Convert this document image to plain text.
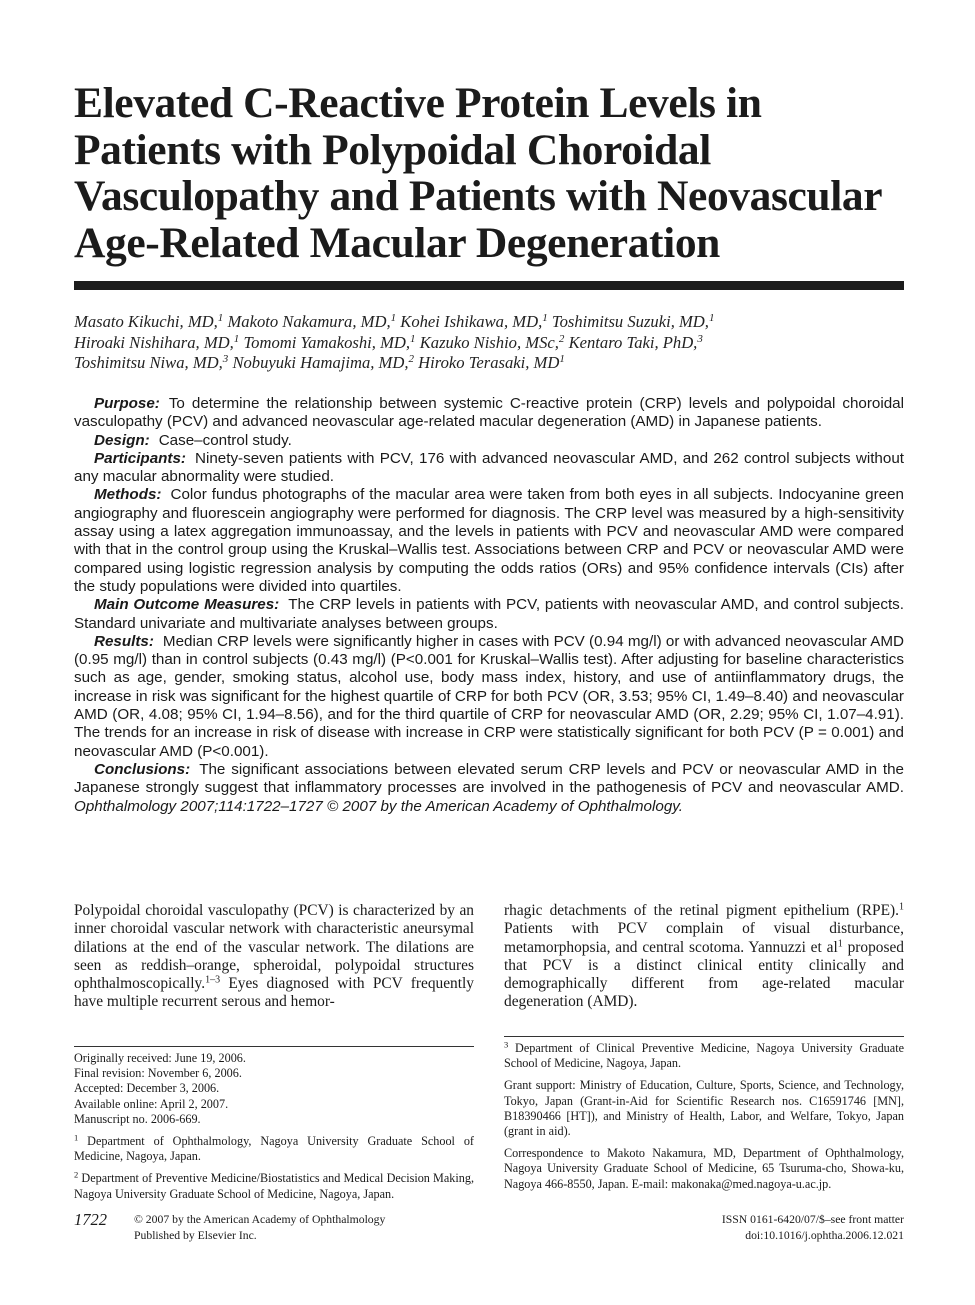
Elevated C-Reactive Protein Levels in Patients with Polypoidal Choroidal Vasculopathy and Patients with Neovascular Age-Related Macular Degeneration
Masato Kikuchi, MD,$^1$ Makoto Nakamura, MD,$^1$ Kohei Ishikawa, MD,$^1$ Toshimitsu Suzuki, MD,$^1$
Hiroaki Nishihara, MD,$^1$ Tomomi Yamakoshi, MD,$^1$ Kazuko Nishio, MSc,$^2$ Kentaro Taki, PhD,$^3$
Toshimitsu Niwa, MD,$^3$ Nobuyuki Hamajima, MD,$^2$ Hiroko Terasaki, $MD^1$

Purpose: To determine the relationship between systemic C-reactive protein (CRP) levels and polypoidal choroidal vasculopathy (PCV) and advanced neovascular age-related macular degeneration (AMD) in Japanese patients.

Design: Case–control study.

Participants: Ninety-seven patients with PCV, 176 with advanced neovascular AMD, and 262 control subjects without any macular abnormality were studied.

Methods: Color fundus photographs of the macular area were taken from both eyes in all subjects. Indocyanine green angiography and fluorescein angiography were performed for diagnosis. The CRP level was measured by a high-sensitivity assay using a latex aggregation immunoassay, and the levels in patients with PCV and neovascular AMD were compared with that in the control group using the Kruskal–Wallis test. Associations between CRP and PCV or neovascular AMD were compared using logistic regression analysis by computing the odds ratios (ORs) and 95% confidence intervals (CIs) after the study populations were divided into quartiles.

Main Outcome Measures: The CRP levels in patients with PCV, patients with neovascular AMD, and control subjects. Standard univariate and multivariate analyses between groups.

Results: Median CRP levels were significantly higher in cases with PCV (0.94 mg/l) or with advanced neovascular AMD (0.95 mg/l) than in control subjects (0.43 mg/l) (P<0.001 for Kruskal–Wallis test). After adjusting for baseline characteristics such as age, gender, smoking status, alcohol use, body mass index, history, and use of antiinflammatory drugs, the increase in risk was significant for the highest quartile of CRP for both PCV (OR, 3.53; 95% CI, 1.49–8.40) and neovascular AMD (OR, 4.08; 95% CI, 1.94–8.56), and for the third quartile of CRP for neovascular AMD (OR, 2.29; 95% CI, 1.07–4.91). The trends for an increase in risk of disease with increase in CRP were statistically significant for both PCV (P = 0.001) and neovascular AMD (P<0.001).

Conclusions: The significant associations between elevated serum CRP levels and PCV or neovascular AMD in the Japanese strongly suggest that inflammatory processes are involved in the pathogenesis of PCV and neovascular AMD. Ophthalmology 2007;114:1722–1727 © 2007 by the American Academy of Ophthalmology.

Polypoidal choroidal vasculopathy (PCV) is characterized by an inner choroidal vascular network with characteristic aneursymal dilations at the end of the vascular network. The dilations are seen as reddish–orange, spheroidal, polypoidal structures ophthalmoscopically.$^{1-3}$ Eyes diagnosed with PCV frequently have multiple recurrent serous and hemor-

rhagic detachments of the retinal pigment epithelium (RPE).$^1$ Patients with PCV complain of visual disturbance, metamorphopsia, and central scotoma. Yannuzzi et $al^1$ proposed that PCV is a distinct clinical entity clinically and demographically different from age-related macular degeneration (AMD).

Originally received: June 19, 2006.
Final revision: November 6, 2006.
Accepted: December 3, 2006.
Available online: April 2, 2007.
Manuscript no. 2006-669.

$^1$ Department of Ophthalmology, Nagoya University Graduate School of Medicine, Nagoya, Japan.

$^2$ Department of Preventive Medicine/Biostatistics and Medical Decision Making, Nagoya University Graduate School of Medicine, Nagoya, Japan.

$^3$ Department of Clinical Preventive Medicine, Nagoya University Graduate School of Medicine, Nagoya, Japan.

Grant support: Ministry of Education, Culture, Sports, Science, and Technology, Tokyo, Japan (Grant-in-Aid for Scientific Research nos. C16591746 [MN], B18390466 [HT]), and Ministry of Health, Labor, and Welfare, Tokyo, Japan (grant in aid).

Correspondence to Makoto Nakamura, MD, Department of Ophthalmology, Nagoya University Graduate School of Medicine, 65 Tsuruma-cho, Showa-ku, Nagoya 466-8550, Japan. E-mail: makonaka@med.nagoya-u.ac.jp.

1722 © 2007 by the American Academy of Ophthalmology
Published by Elsevier Inc.
ISSN 0161-6420/07/$–see front matter
doi:10.1016/j.ophtha.2006.12.021
